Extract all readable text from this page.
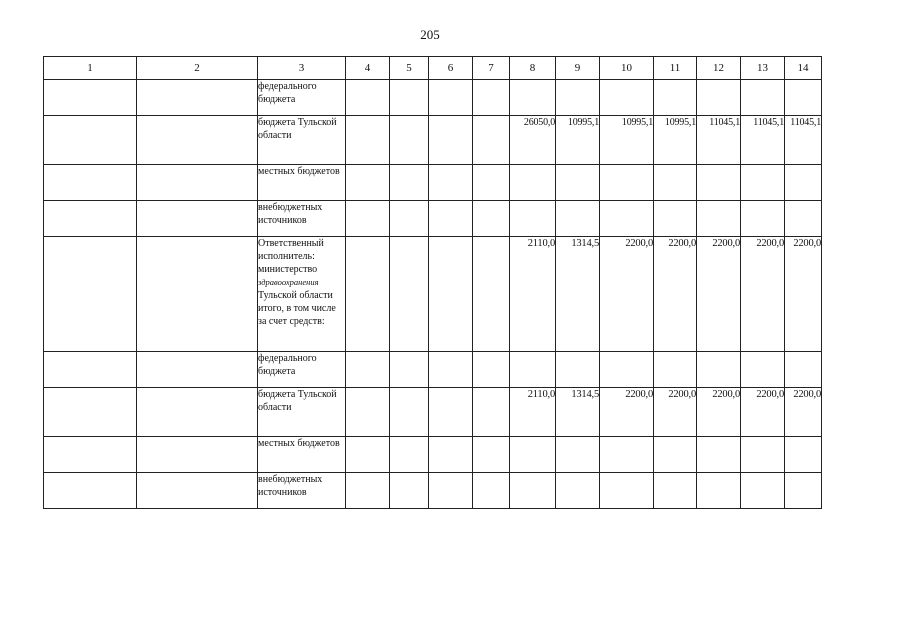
205
1	2	3	4	5	6	7	8	9	10	11	12	13	14
		федерального бюджета											
		бюджета Тульской области					26050,0	10995,1	10995,1	10995,1	11045,1	11045,1	11045,1
		местных бюджетов											
		внебюджетных источников											
		Ответственный исполнитель: министерство здравоохранения Тульской области итого, в том числе за счет средств:					2110,0	1314,5	2200,0	2200,0	2200,0	2200,0	2200,0
		федерального бюджета											
		бюджета Тульской области					2110,0	1314,5	2200,0	2200,0	2200,0	2200,0	2200,0
		местных бюджетов											
		внебюджетных источников											
